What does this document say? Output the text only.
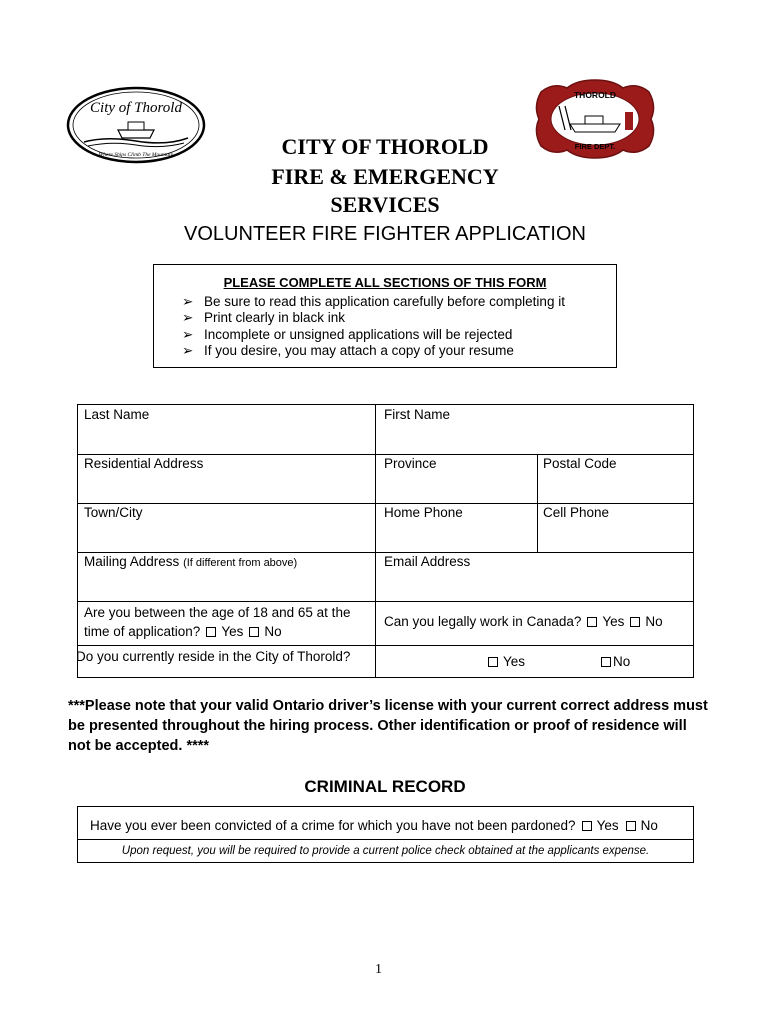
City of Thorold
Where Ships Climb The Mountain
THOROLD
FIRE DEPT.
CITY OF THOROLD
FIRE & EMERGENCY
SERVICES
VOLUNTEER FIRE FIGHTER APPLICATION
PLEASE COMPLETE ALL SECTIONS OF THIS FORM
➢ Be sure to read this application carefully before completing it
➢ Print clearly in black ink
➢ Incomplete or unsigned applications will be rejected
➢ If you desire, you may attach a copy of your resume
Last Name	First Name
Residential Address	Province	Postal Code
Town/City	Home Phone	Cell Phone
Mailing Address (If different from above)	Email Address
Are you between the age of 18 and 65 at the
time of application? Yes No
Can you legally work in Canada? Yes No
Do you currently reside in the City of Thorold?	Yes	No
***Please note that your valid Ontario driver’s license with your current correct address must be presented throughout the hiring process. Other identification or proof of residence will not be accepted. ****
CRIMINAL RECORD
Have you ever been convicted of a crime for which you have not been pardoned? Yes No
Upon request, you will be required to provide a current police check obtained at the applicants expense.
1
